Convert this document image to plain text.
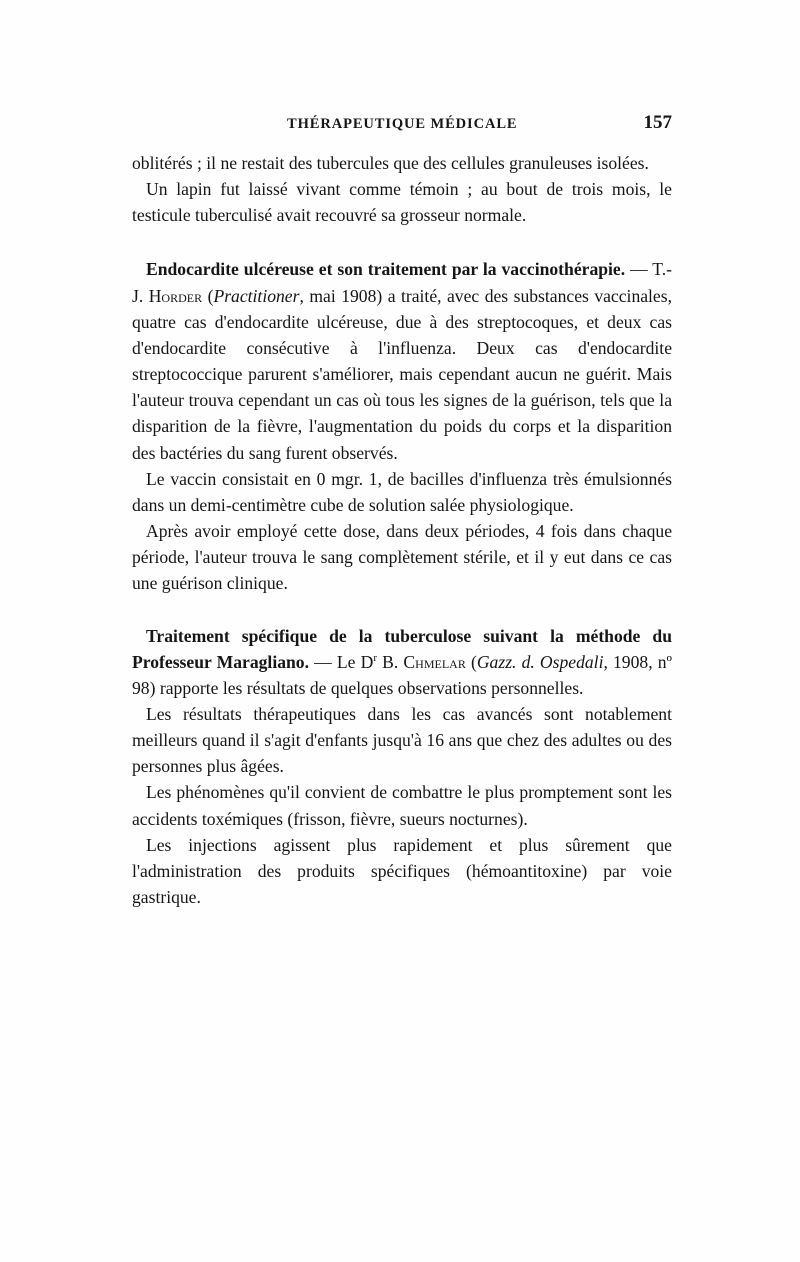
THÉRAPEUTIQUE MÉDICALE	157

oblitérés ; il ne restait des tubercules que des cellules granuleuses isolées.

Un lapin fut laissé vivant comme témoin ; au bout de trois mois, le testicule tuberculisé avait recouvré sa grosseur normale.

Endocardite ulcéreuse et son traitement par la vaccinothérapie. — T.-J. Horder (Practitioner, mai 1908) a traité, avec des substances vaccinales, quatre cas d'endocardite ulcéreuse, due à des streptocoques, et deux cas d'endocardite consécutive à l'influenza. Deux cas d'endocardite streptococcique parurent s'améliorer, mais cependant aucun ne guérit. Mais l'auteur trouva cependant un cas où tous les signes de la guérison, tels que la disparition de la fièvre, l'augmentation du poids du corps et la disparition des bactéries du sang furent observés.

Le vaccin consistait en 0 mgr. 1, de bacilles d'influenza très émulsionnés dans un demi-centimètre cube de solution salée physiologique.

Après avoir employé cette dose, dans deux périodes, 4 fois dans chaque période, l'auteur trouva le sang complètement stérile, et il y eut dans ce cas une guérison clinique.

Traitement spécifique de la tuberculose suivant la méthode du Professeur Maragliano. — Le $D^r$ B. Chmelar (Gazz. d. Ospedali, 1908, nº 98) rapporte les résultats de quelques observations personnelles.

Les résultats thérapeutiques dans les cas avancés sont notablement meilleurs quand il s'agit d'enfants jusqu'à 16 ans que chez des adultes ou des personnes plus âgées.

Les phénomènes qu'il convient de combattre le plus promptement sont les accidents toxémiques (frisson, fièvre, sueurs nocturnes).

Les injections agissent plus rapidement et plus sûrement que l'administration des produits spécifiques (hémoantitoxine) par voie gastrique.
